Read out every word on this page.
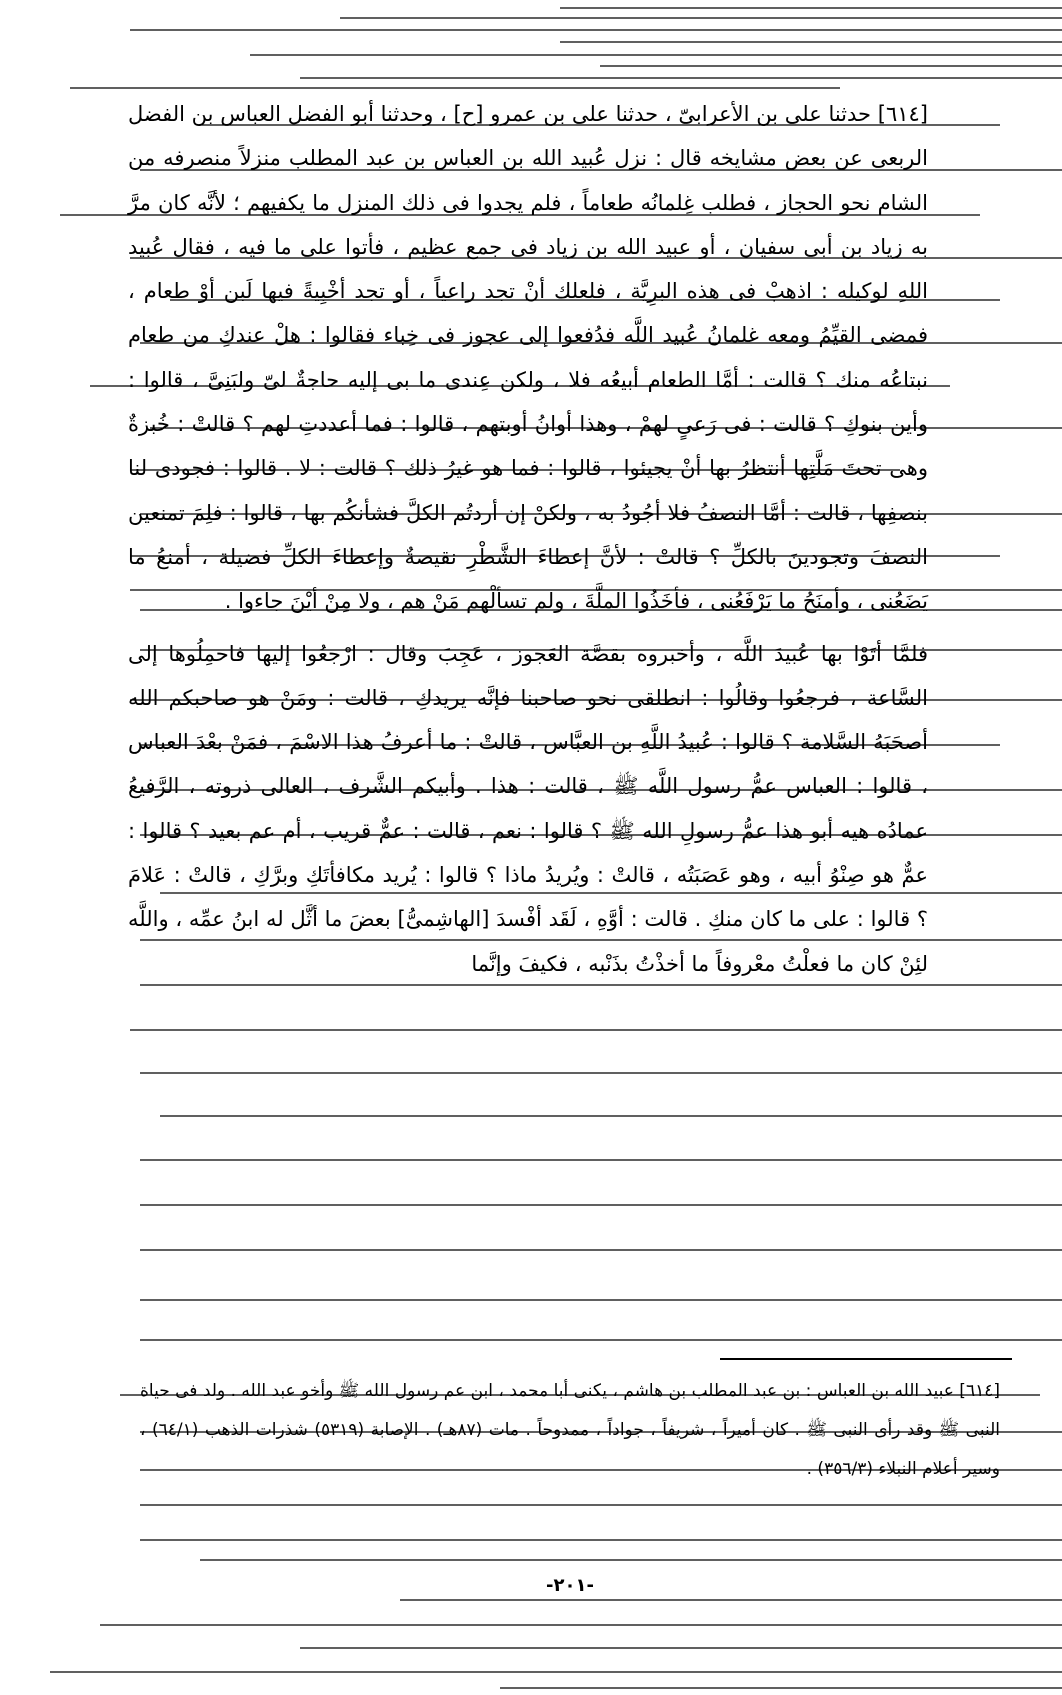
[٦١٤] حدثنا على بن الأعرابىّ ، حدثنا على بن عمرو [ح] ، وحدثنا أبو الفضل العباس بن الفضل الربعى عن بعض مشايخه قال : نزل عُبيد الله بن العباس بن عبد المطلب منزلاً منصرفه من الشام نحو الحجاز ، فطلب غِلمانُه طعاماً ، فلم يجدوا فى ذلك المنزل ما يكفيهم ؛ لأنَّه كان مرَّ به زياد بن أبى سفيان ، أو عبيد الله بن زياد فى جمع عظيم ، فأتوا على ما فيه ، فقال عُبيد اللهِ لوكيله : اذهبْ فى هذه البرِيَّة ، فلعلك أنْ تجد راعياً ، أو تجد أخْبِيةً فيها لَبن أوْ طعام ، فمضى القيِّمُ ومعه غلمانُ عُبيد اللَّه فدُفعوا إلى عجوز فى خِباء فقالوا : هلْ عندكِ من طعام نبتاعُه منك ؟ قالت : أمَّا الطعام أبيعُه فلا ، ولكن عِندى ما بى إليه حاجةٌ لىّ ولبَنِىَّ ، قالوا : وأين بنوكِ ؟ قالت : فى رَعىٍ لهمْ ، وهذا أوانُ أوبتهم ، قالوا : فما أعددتِ لهم ؟ قالتْ : خُبزةٌ وهى تحتَ مَلَّتِها أنتظرُ بها أنْ يجيئوا ، قالوا : فما هو غيرُ ذلك ؟ قالت : لا . قالوا : فجودى لنا بنصفِها ، قالت : أمَّا النصفُ فلا أجُودُ به ، ولكنْ إن أردتُم الكلَّ فشأنكُم بها ، قالوا : فلِمَ تمنعين النصفَ وتجودينَ بالكلِّ ؟ قالتْ : لأنَّ إعطاءَ الشَّطْرِ نقيصةٌ وإعطاءَ الكلِّ فضيلة ، أمنعُ ما يَضَعُنى ، وأمنَحُ ما يَرْفَعُنى ، فأخَذُوا الملَّةَ ، ولم تسألْهم مَنْ هم ، ولا مِنْ أيْنَ جاءوا .

فلمَّا أتَوْا بها عُبيدَ اللَّه ، وأخبروه بقصَّة العَجوز ، عَجِبَ وقال : ارْجعُوا إليها فاحمِلُوها إلى السَّاعة ، فرجعُوا وقالُوا : انطلقى نحو صاحبنا فإنَّه يريدكِ ، قالت : ومَنْ هو صاحبكم الله أصحَبَهُ السَّلامة ؟ قالوا : عُبيدُ اللَّهِ بن العبَّاس ، قالتْ : ما أعرفُ هذا الاسْمَ ، فمَنْ بعْدَ العباس ، قالوا : العباس عمُّ رسول اللَّه ﷺ ، قالت : هذا . وأبيكم الشَّرف ، العالى ذروته ، الرَّفيعُ عمادُه هيه أبو هذا عمُّ رسولِ الله ﷺ ؟ قالوا : نعم ، قالت : عمٌّ قريب ، أم عم بعيد ؟ قالوا : عمٌّ هو صِنْوُ أبيه ، وهو عَصَبَتُه ، قالتْ : ويُريدُ ماذا ؟ قالوا : يُريد مكافأتَكِ وبرَّكِ ، قالتْ : عَلامَ ؟ قالوا : على ما كان منكِ . قالت : أوَّهِ ، لَقَد أفْسدَ [الهاشِمىُّ] بعضَ ما أثَّل له ابنُ عمِّه ، واللَّه لئِنْ كان ما فعلْتُ معْروفاً ما أخذْتُ بذَنْبه ، فكيفَ وإنَّما

[٦١٤] عبيد الله بن العباس : بن عبد المطلب بن هاشم ، يكنى أبا محمد ، ابن عم رسول الله ﷺ وأخو عبد الله . ولد فى حياة النبى ﷺ وقد رأى النبى ﷺ . كان أميراً ، شريفاً ، جواداً ، ممدوحاً . مات (٨٧هـ) . الإصابة (٥٣١٩) شذرات الذهب (٦٤/١) ، وسير أعلام النبلاء (٣٥٦/٣) .

-٢٠١-
